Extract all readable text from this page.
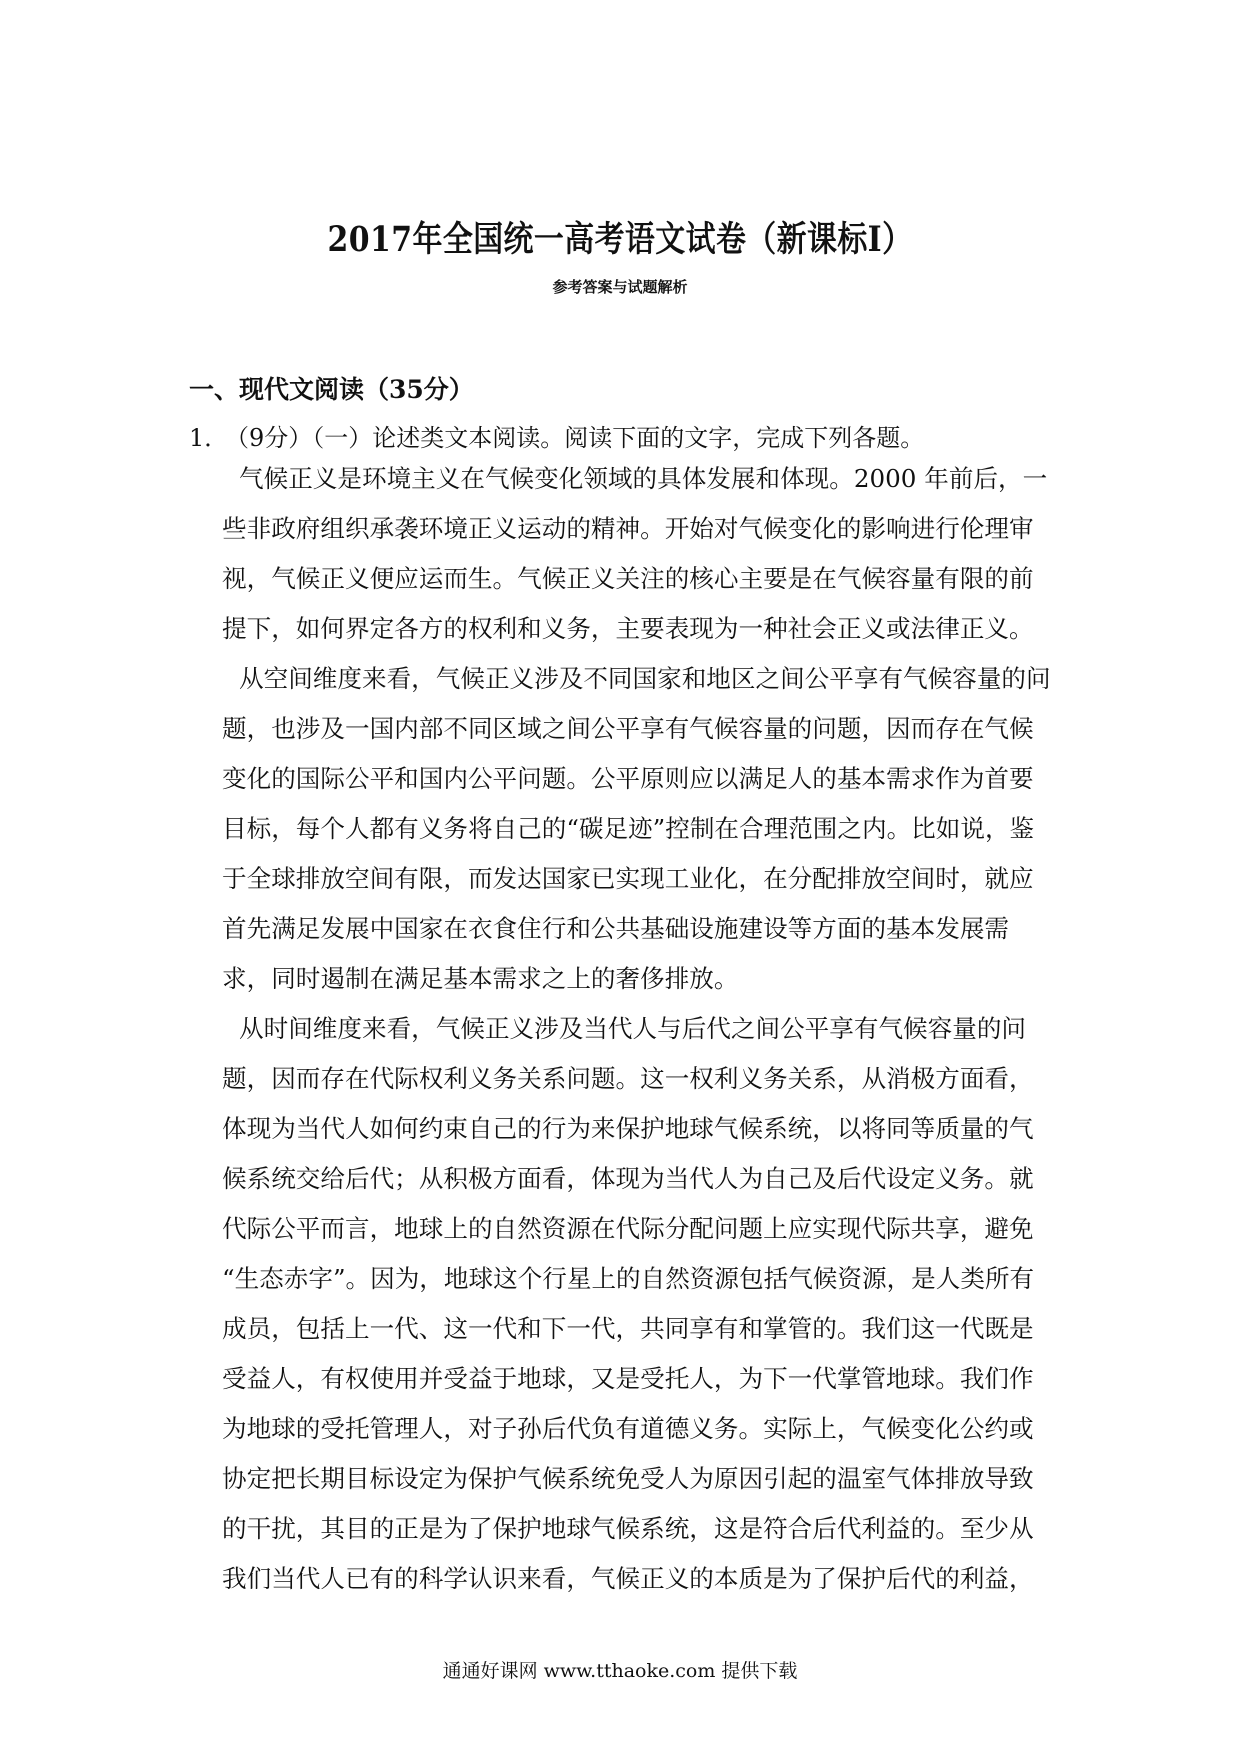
2017年全国统一高考语文试卷（新课标I）
参考答案与试题解析
一、现代文阅读（35分）
1．（9分）（一）论述类文本阅读。阅读下面的文字，完成下列各题。
气候正义是环境主义在气候变化领域的具体发展和体现。2000 年前后，一
些非政府组织承袭环境正义运动的精神。开始对气候变化的影响进行伦理审
视，气候正义便应运而生。气候正义关注的核心主要是在气候容量有限的前
提下，如何界定各方的权利和义务，主要表现为一种社会正义或法律正义。
从空间维度来看，气候正义涉及不同国家和地区之间公平享有气候容量的问
题，也涉及一国内部不同区域之间公平享有气候容量的问题，因而存在气候
变化的国际公平和国内公平问题。公平原则应以满足人的基本需求作为首要
目标，每个人都有义务将自己的“碳足迹”控制在合理范围之内。比如说，鉴
于全球排放空间有限，而发达国家已实现工业化，在分配排放空间时，就应
首先满足发展中国家在衣食住行和公共基础设施建设等方面的基本发展需
求，同时遏制在满足基本需求之上的奢侈排放。
从时间维度来看，气候正义涉及当代人与后代之间公平享有气候容量的问
题，因而存在代际权利义务关系问题。这一权利义务关系，从消极方面看，
体现为当代人如何约束自己的行为来保护地球气候系统，以将同等质量的气
候系统交给后代；从积极方面看，体现为当代人为自己及后代设定义务。就
代际公平而言，地球上的自然资源在代际分配问题上应实现代际共享，避免
“生态赤字”。因为，地球这个行星上的自然资源包括气候资源，是人类所有
成员，包括上一代、这一代和下一代，共同享有和掌管的。我们这一代既是
受益人，有权使用并受益于地球，又是受托人，为下一代掌管地球。我们作
为地球的受托管理人，对子孙后代负有道德义务。实际上，气候变化公约或
协定把长期目标设定为保护气候系统免受人为原因引起的温室气体排放导致
的干扰，其目的正是为了保护地球气候系统，这是符合后代利益的。至少从
我们当代人已有的科学认识来看，气候正义的本质是为了保护后代的利益，
通通好课网 www.tthaoke.com 提供下载
